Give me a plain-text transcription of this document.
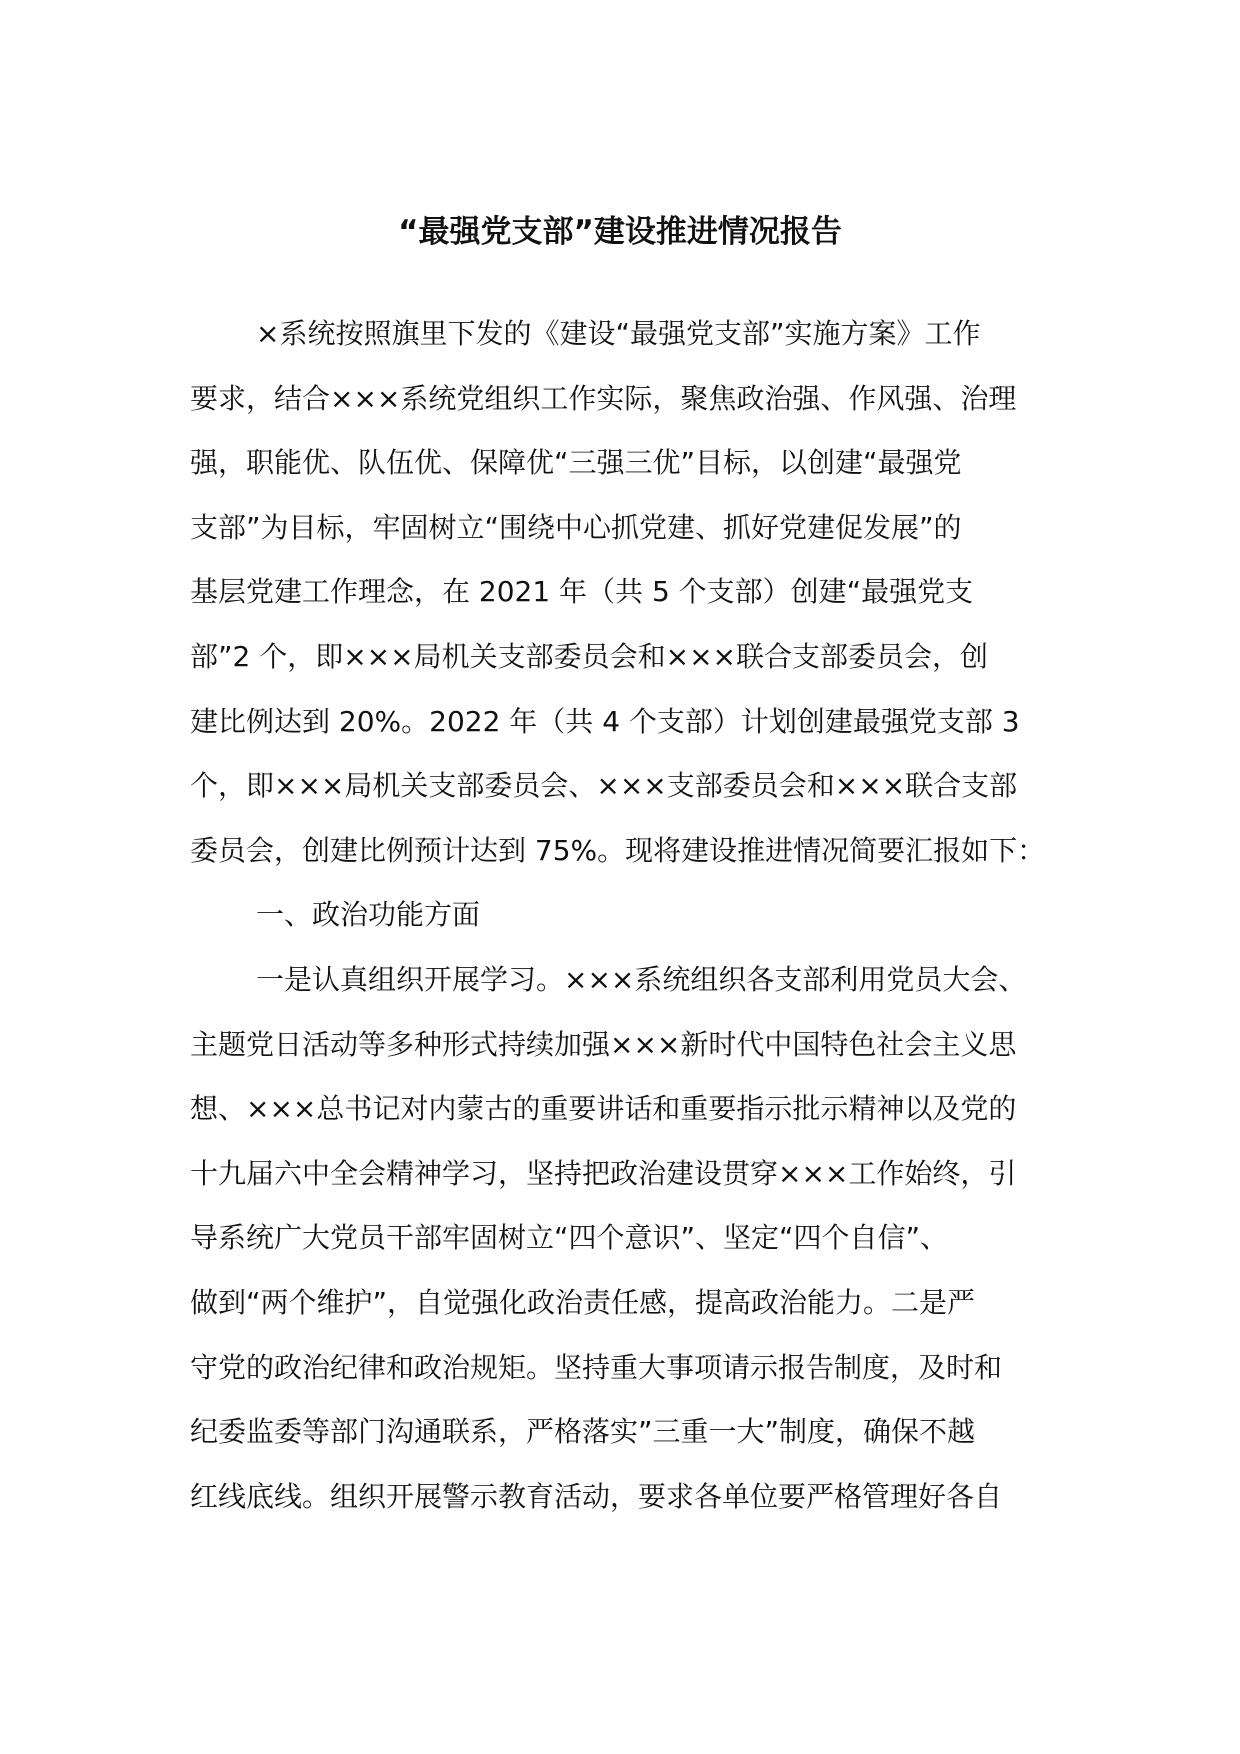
“最强党支部”建设推进情况报告

×系统按照旗里下发的《建设“最强党支部”实施方案》工作

要求，结合×××系统党组织工作实际，聚焦政治强、作风强、治理

强，职能优、队伍优、保障优“三强三优”目标，以创建“最强党

支部”为目标，牢固树立“围绕中心抓党建、抓好党建促发展”的

基层党建工作理念，在 2021 年（共 5 个支部）创建“最强党支

部”2 个，即×××局机关支部委员会和×××联合支部委员会，创

建比例达到 20%。2022 年（共 4 个支部）计划创建最强党支部 3

个，即×××局机关支部委员会、×××支部委员会和×××联合支部

委员会，创建比例预计达到 75%。现将建设推进情况简要汇报如下：

一、政治功能方面

一是认真组织开展学习。×××系统组织各支部利用党员大会、

主题党日活动等多种形式持续加强×××新时代中国特色社会主义思

想、×××总书记对内蒙古的重要讲话和重要指示批示精神以及党的

十九届六中全会精神学习，坚持把政治建设贯穿×××工作始终，引

导系统广大党员干部牢固树立“四个意识”、坚定“四个自信”、

做到“两个维护”，自觉强化政治责任感，提高政治能力。二是严

守党的政治纪律和政治规矩。坚持重大事项请示报告制度，及时和

纪委监委等部门沟通联系，严格落实”三重一大”制度，确保不越

红线底线。组织开展警示教育活动，要求各单位要严格管理好各自
